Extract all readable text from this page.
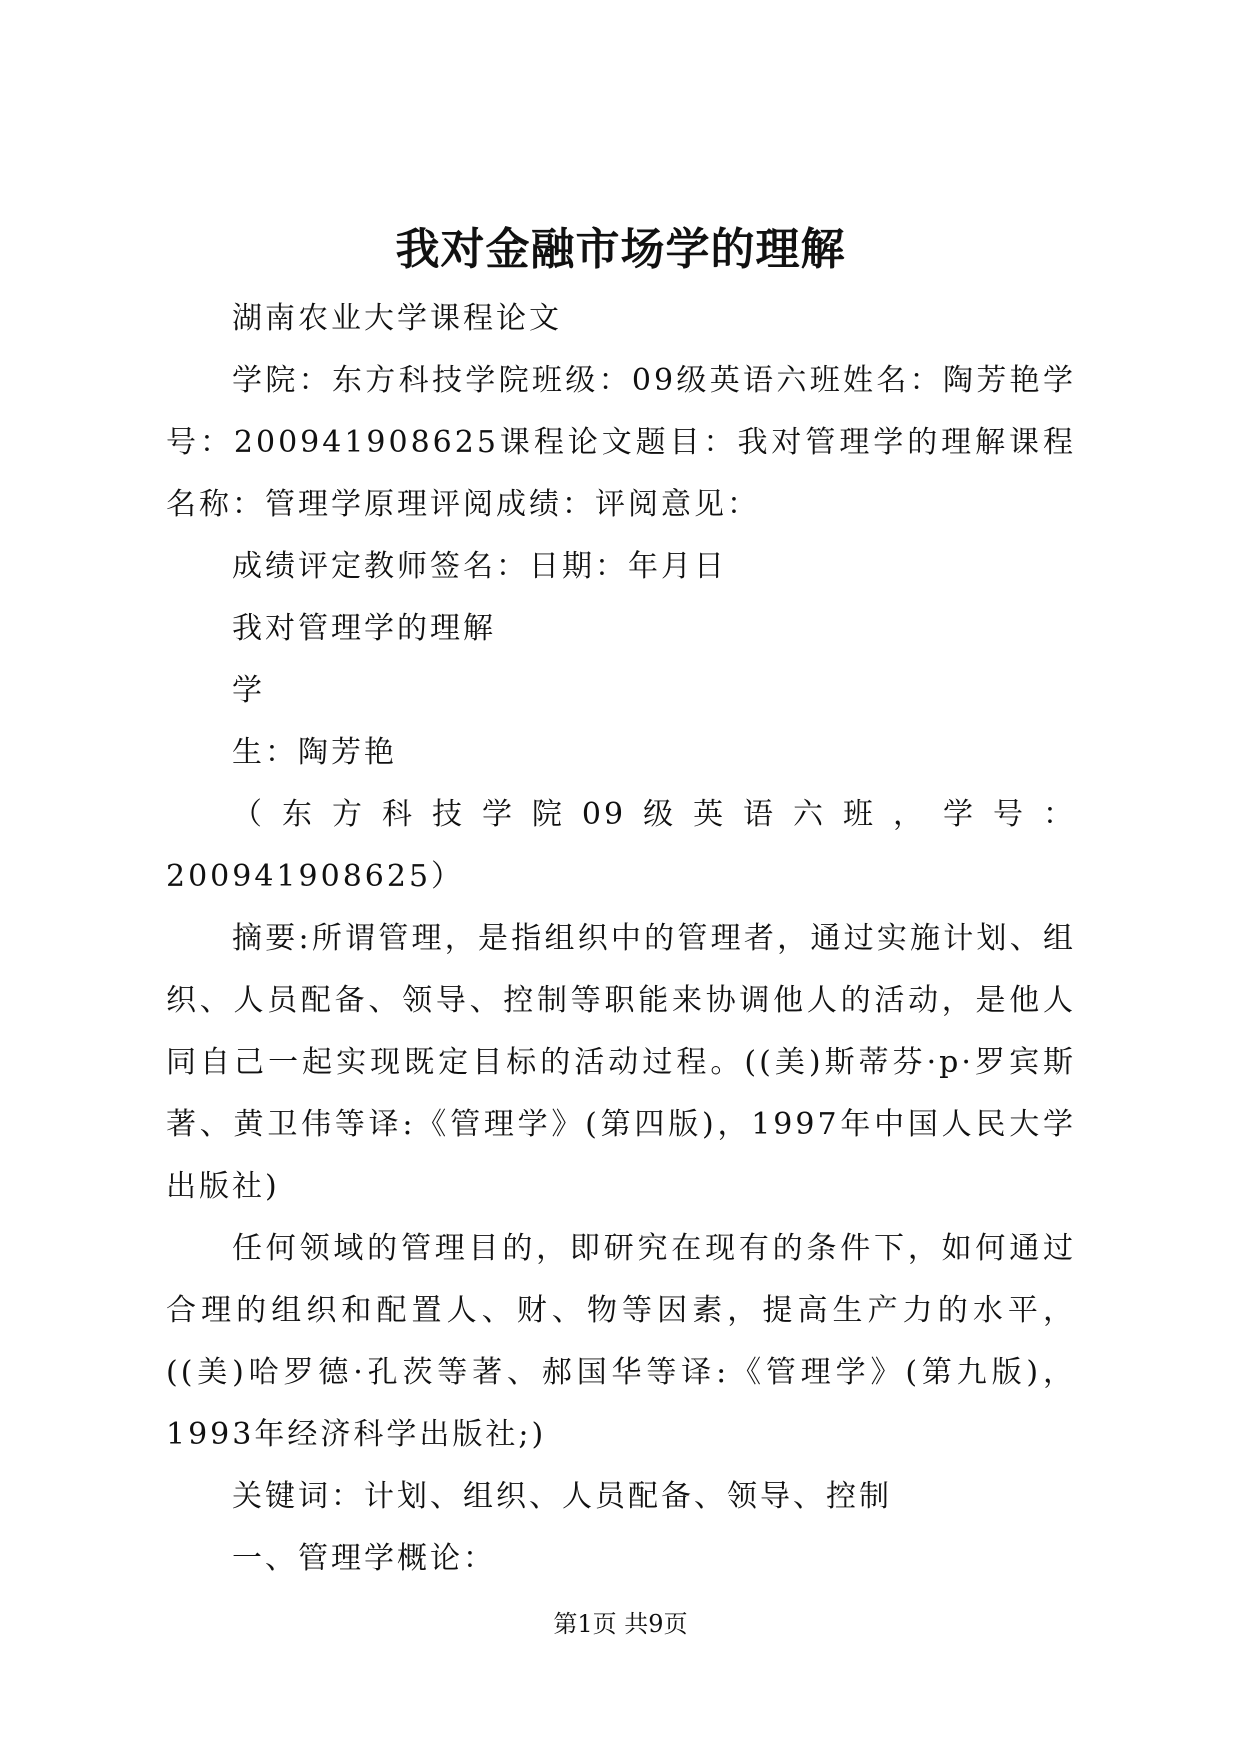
我对金融市场学的理解

湖南农业大学课程论文

学院：东方科技学院班级：09级英语六班姓名：陶芳艳学号：200941908625课程论文题目：我对管理学的理解课程名称：管理学原理评阅成绩：评阅意见：

成绩评定教师签名：日期：年月日

我对管理学的理解

学

生：陶芳艳

（东方科技学院09级英语六班，学号：200941908625）

摘要:所谓管理，是指组织中的管理者，通过实施计划、组织、人员配备、领导、控制等职能来协调他人的活动，是他人同自己一起实现既定目标的活动过程。((美)斯蒂芬·p·罗宾斯著、黄卫伟等译:《管理学》(第四版)，1997年中国人民大学出版社)

任何领域的管理目的，即研究在现有的条件下，如何通过合理的组织和配置人、财、物等因素，提高生产力的水平，((美)哈罗德·孔茨等著、郝国华等译:《管理学》(第九版)，1993年经济科学出版社;)

关键词：计划、组织、人员配备、领导、控制

一、管理学概论：

第1页 共9页
